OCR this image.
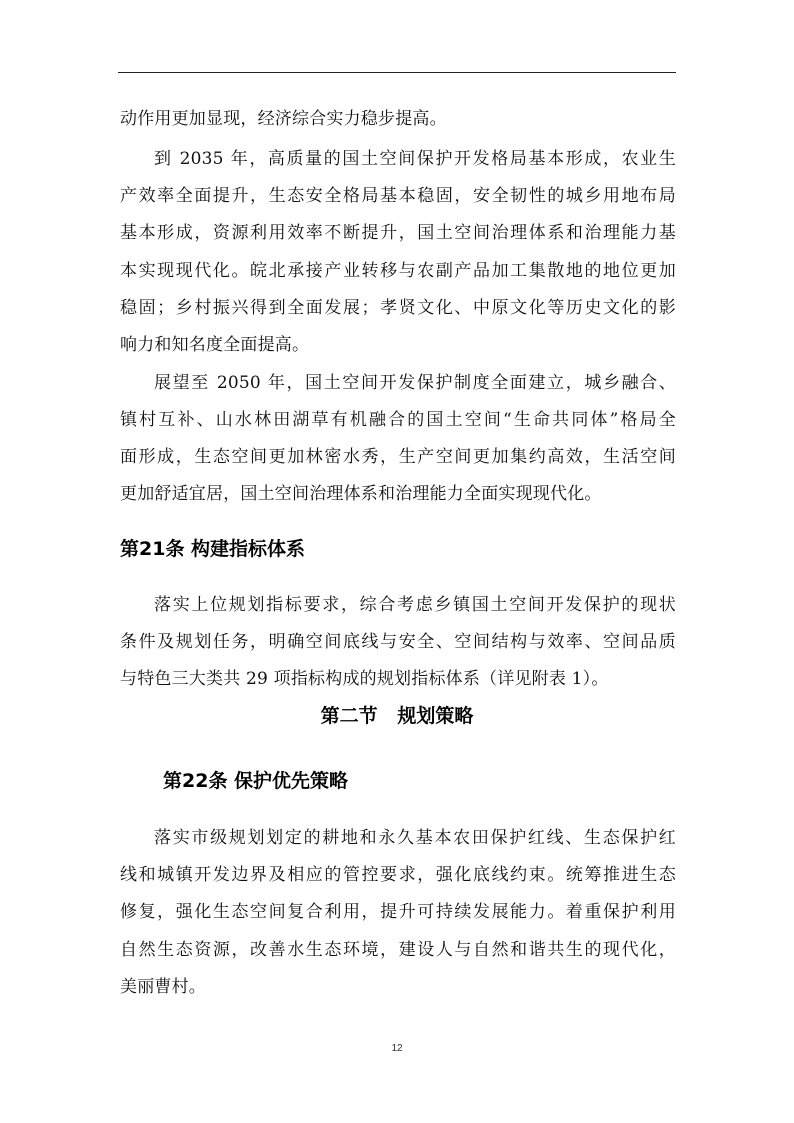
动作用更加显现，经济综合实力稳步提高。
到 2035 年，高质量的国土空间保护开发格局基本形成，农业生
产效率全面提升，生态安全格局基本稳固，安全韧性的城乡用地布局
基本形成，资源利用效率不断提升，国土空间治理体系和治理能力基
本实现现代化。皖北承接产业转移与农副产品加工集散地的地位更加
稳固；乡村振兴得到全面发展；孝贤文化、中原文化等历史文化的影
响力和知名度全面提高。
展望至 2050 年，国土空间开发保护制度全面建立，城乡融合、
镇村互补、山水林田湖草有机融合的国土空间“生命共同体”格局全
面形成，生态空间更加林密水秀，生产空间更加集约高效，生活空间
更加舒适宜居，国土空间治理体系和治理能力全面实现现代化。
第21条 构建指标体系
落实上位规划指标要求，综合考虑乡镇国土空间开发保护的现状
条件及规划任务，明确空间底线与安全、空间结构与效率、空间品质
与特色三大类共 29 项指标构成的规划指标体系（详见附表 1）。
第二节   规划策略
第22条 保护优先策略
落实市级规划划定的耕地和永久基本农田保护红线、生态保护红
线和城镇开发边界及相应的管控要求，强化底线约束。统筹推进生态
修复，强化生态空间复合利用，提升可持续发展能力。着重保护利用
自然生态资源，改善水生态环境，建设人与自然和谐共生的现代化，
美丽曹村。
12
